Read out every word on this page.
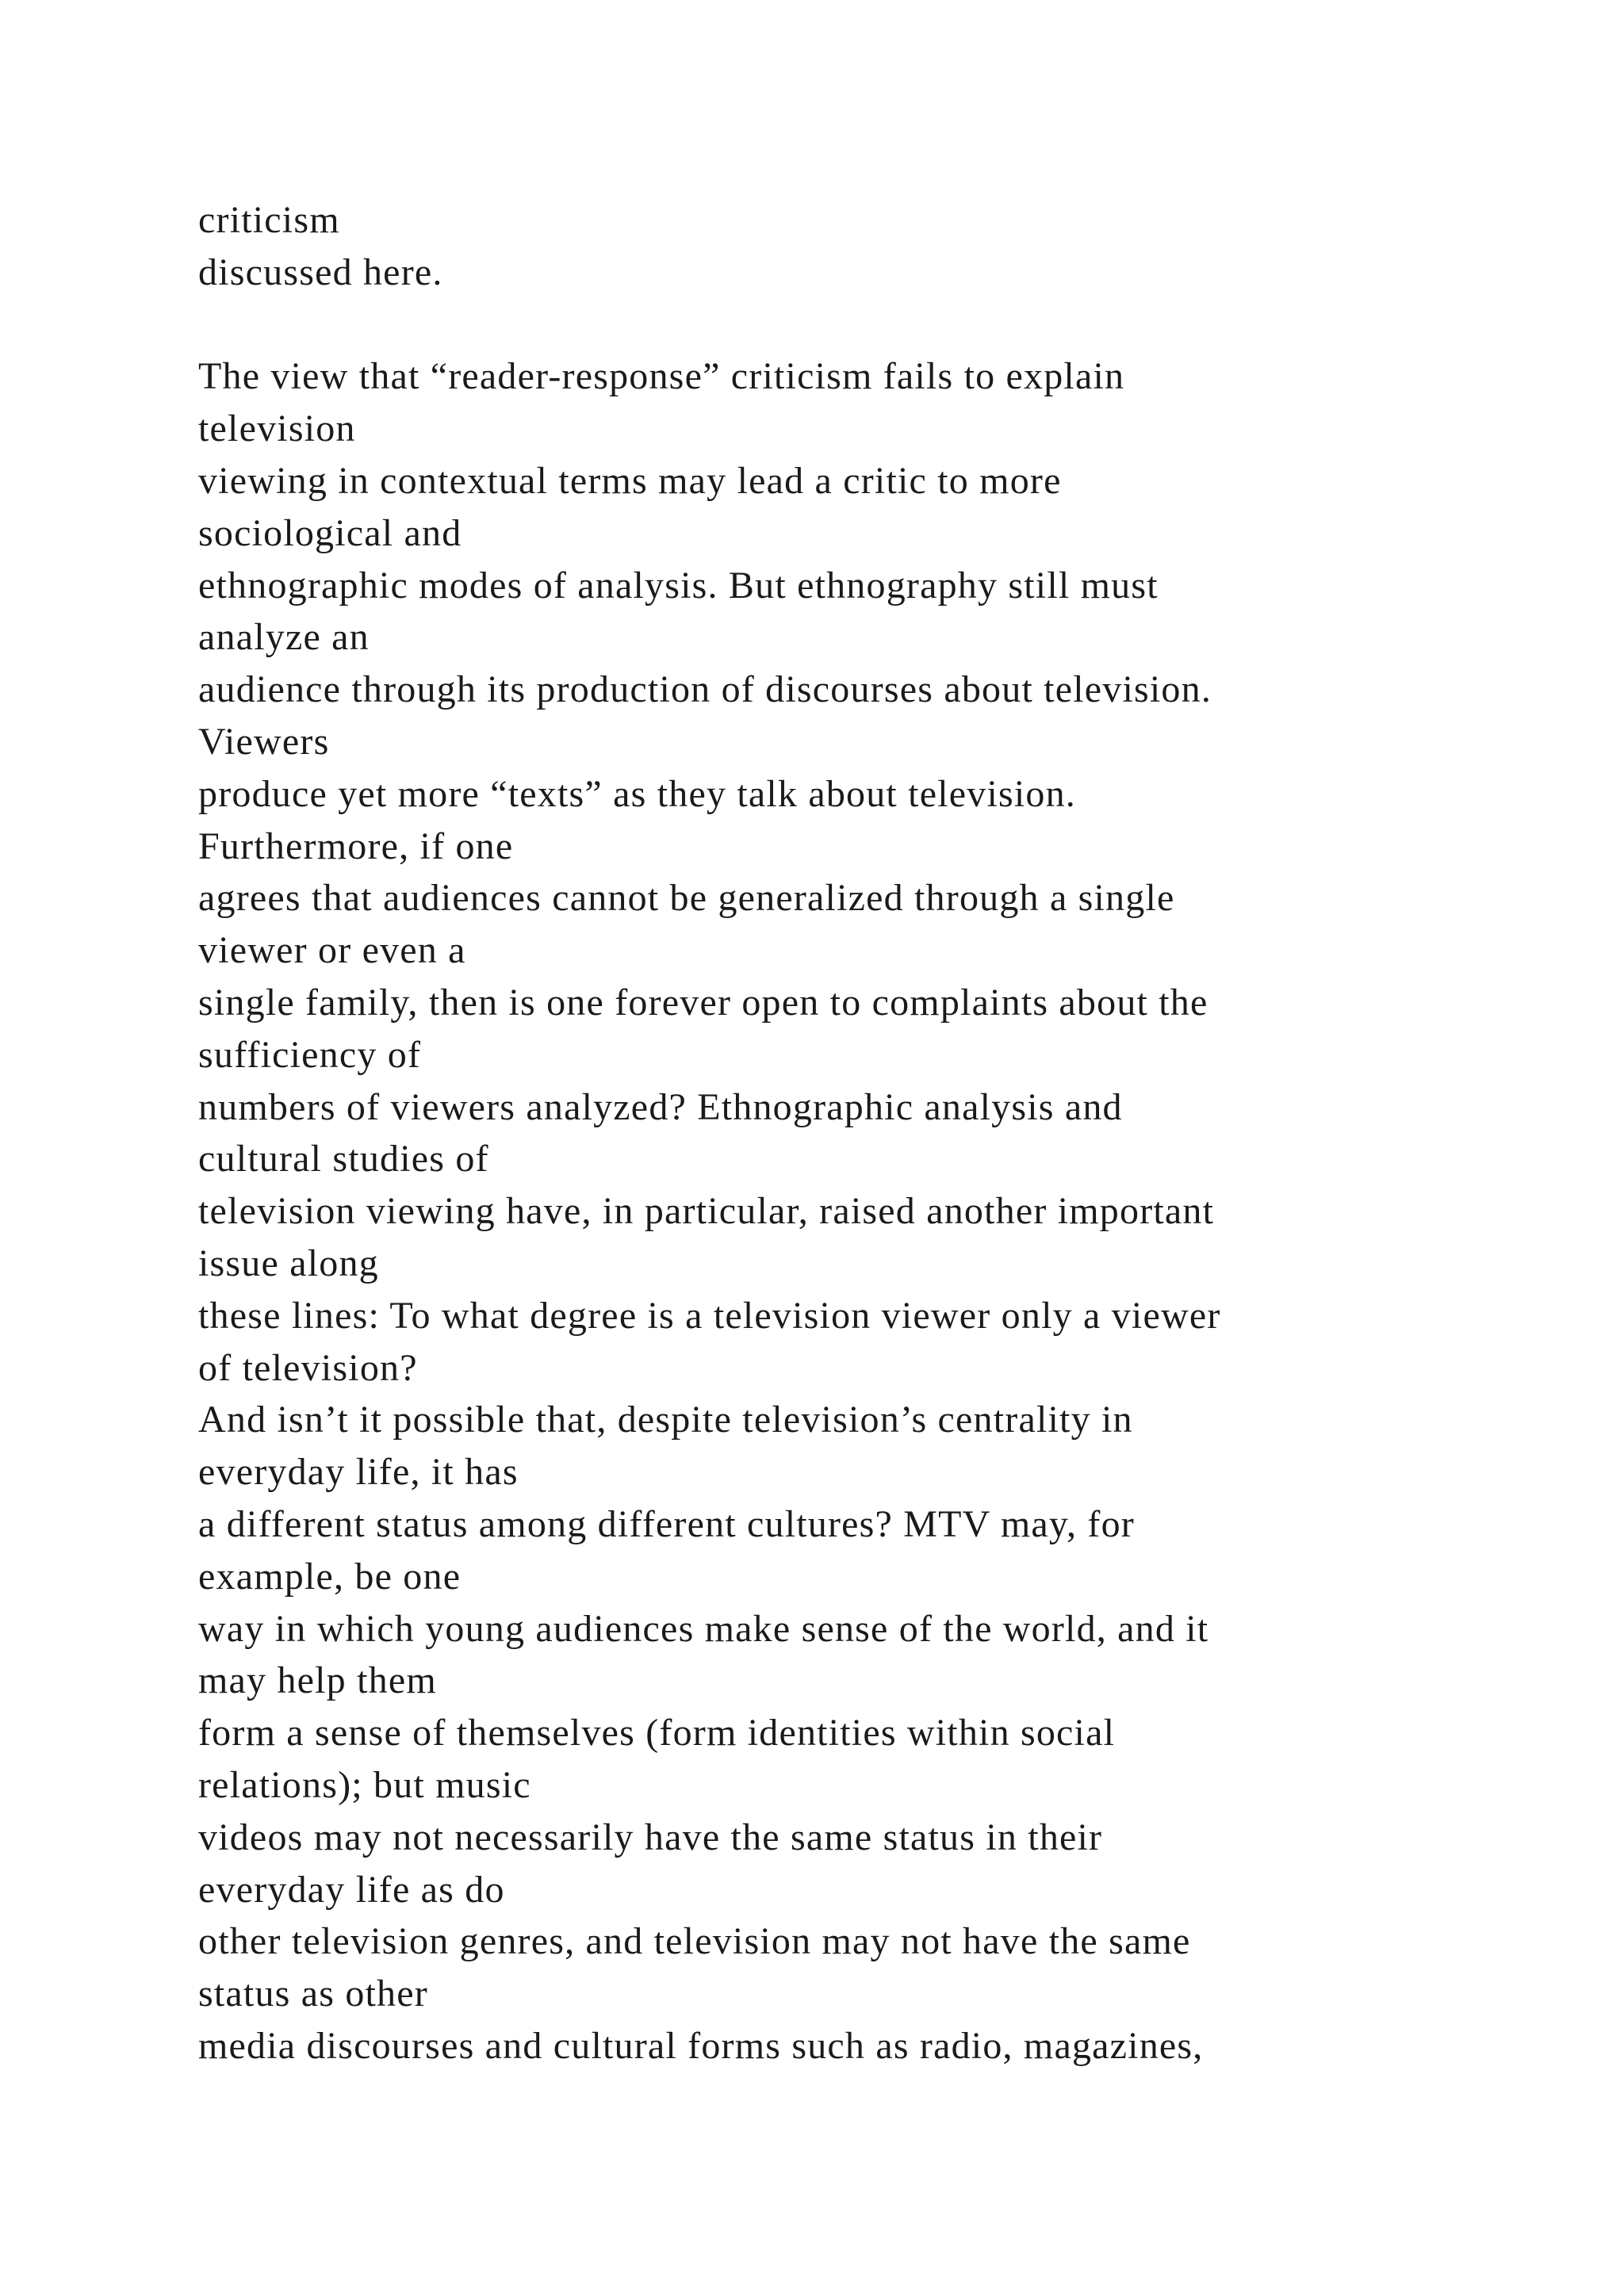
criticism
discussed here.
The view that “reader-response” criticism fails to explain
television
viewing in contextual terms may lead a critic to more
sociological and
ethnographic modes of analysis. But ethnography still must
analyze an
audience through its production of discourses about television.
Viewers
produce yet more “texts” as they talk about television.
Furthermore, if one
agrees that audiences cannot be generalized through a single
viewer or even a
single family, then is one forever open to complaints about the
sufficiency of
numbers of viewers analyzed? Ethnographic analysis and
cultural studies of
television viewing have, in particular, raised another important
issue along
these lines: To what degree is a television viewer only a viewer
of television?
And isn’t it possible that, despite television’s centrality in
everyday life, it has
a different status among different cultures? MTV may, for
example, be one
way in which young audiences make sense of the world, and it
may help them
form a sense of themselves (form identities within social
relations); but music
videos may not necessarily have the same status in their
everyday life as do
other television genres, and television may not have the same
status as other
media discourses and cultural forms such as radio, magazines,
